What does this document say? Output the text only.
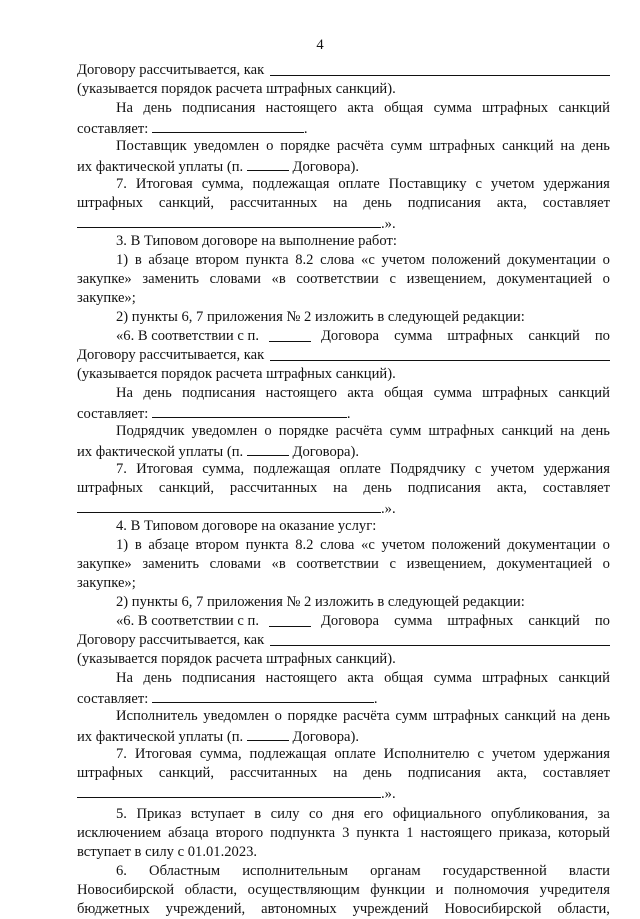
4
Договору рассчитывается, как
(указывается порядок расчета штрафных санкций).
На день подписания настоящего акта общая сумма штрафных санкций
составляет:	.
Поставщик уведомлен о порядке расчёта сумм штрафных санкций на день
их фактической уплаты (п.	Договора).
7. Итоговая сумма, подлежащая оплате Поставщику с учетом удержания
штрафных санкций, рассчитанных на день подписания акта, составляет
.».
3. В Типовом договоре на выполнение работ:
1) в абзаце втором пункта 8.2 слова «с учетом положений документации о
закупке» заменить словами «в соответствии с извещением, документацией о
закупке»;
2) пункты 6, 7 приложения № 2 изложить в следующей редакции:
«6. В соответствии с п.	Договора сумма штрафных санкций по
Договору рассчитывается, как
(указывается порядок расчета штрафных санкций).
На день подписания настоящего акта общая сумма штрафных санкций
составляет:	.
Подрядчик уведомлен о порядке расчёта сумм штрафных санкций на день
их фактической уплаты (п.	Договора).
7. Итоговая сумма, подлежащая оплате Подрядчику с учетом удержания
штрафных санкций, рассчитанных на день подписания акта, составляет
.».
4. В Типовом договоре на оказание услуг:
1) в абзаце втором пункта 8.2 слова «с учетом положений документации о
закупке» заменить словами «в соответствии с извещением, документацией о
закупке»;
2) пункты 6, 7 приложения № 2 изложить в следующей редакции:
«6. В соответствии с п.	Договора сумма штрафных санкций по
Договору рассчитывается, как
(указывается порядок расчета штрафных санкций).
На день подписания настоящего акта общая сумма штрафных санкций
составляет:	.
Исполнитель уведомлен о порядке расчёта сумм штрафных санкций на день
их фактической уплаты (п.	Договора).
7. Итоговая сумма, подлежащая оплате Исполнителю с учетом удержания
штрафных санкций, рассчитанных на день подписания акта, составляет
.».
5. Приказ вступает в силу со дня его официального опубликования, за
исключением абзаца второго подпункта 3 пункта 1 настоящего приказа, который
вступает в силу с 01.01.2023.
6. Областным исполнительным органам государственной власти
Новосибирской области, осуществляющим функции и полномочия учредителя
бюджетных учреждений, автономных учреждений Новосибирской области,
